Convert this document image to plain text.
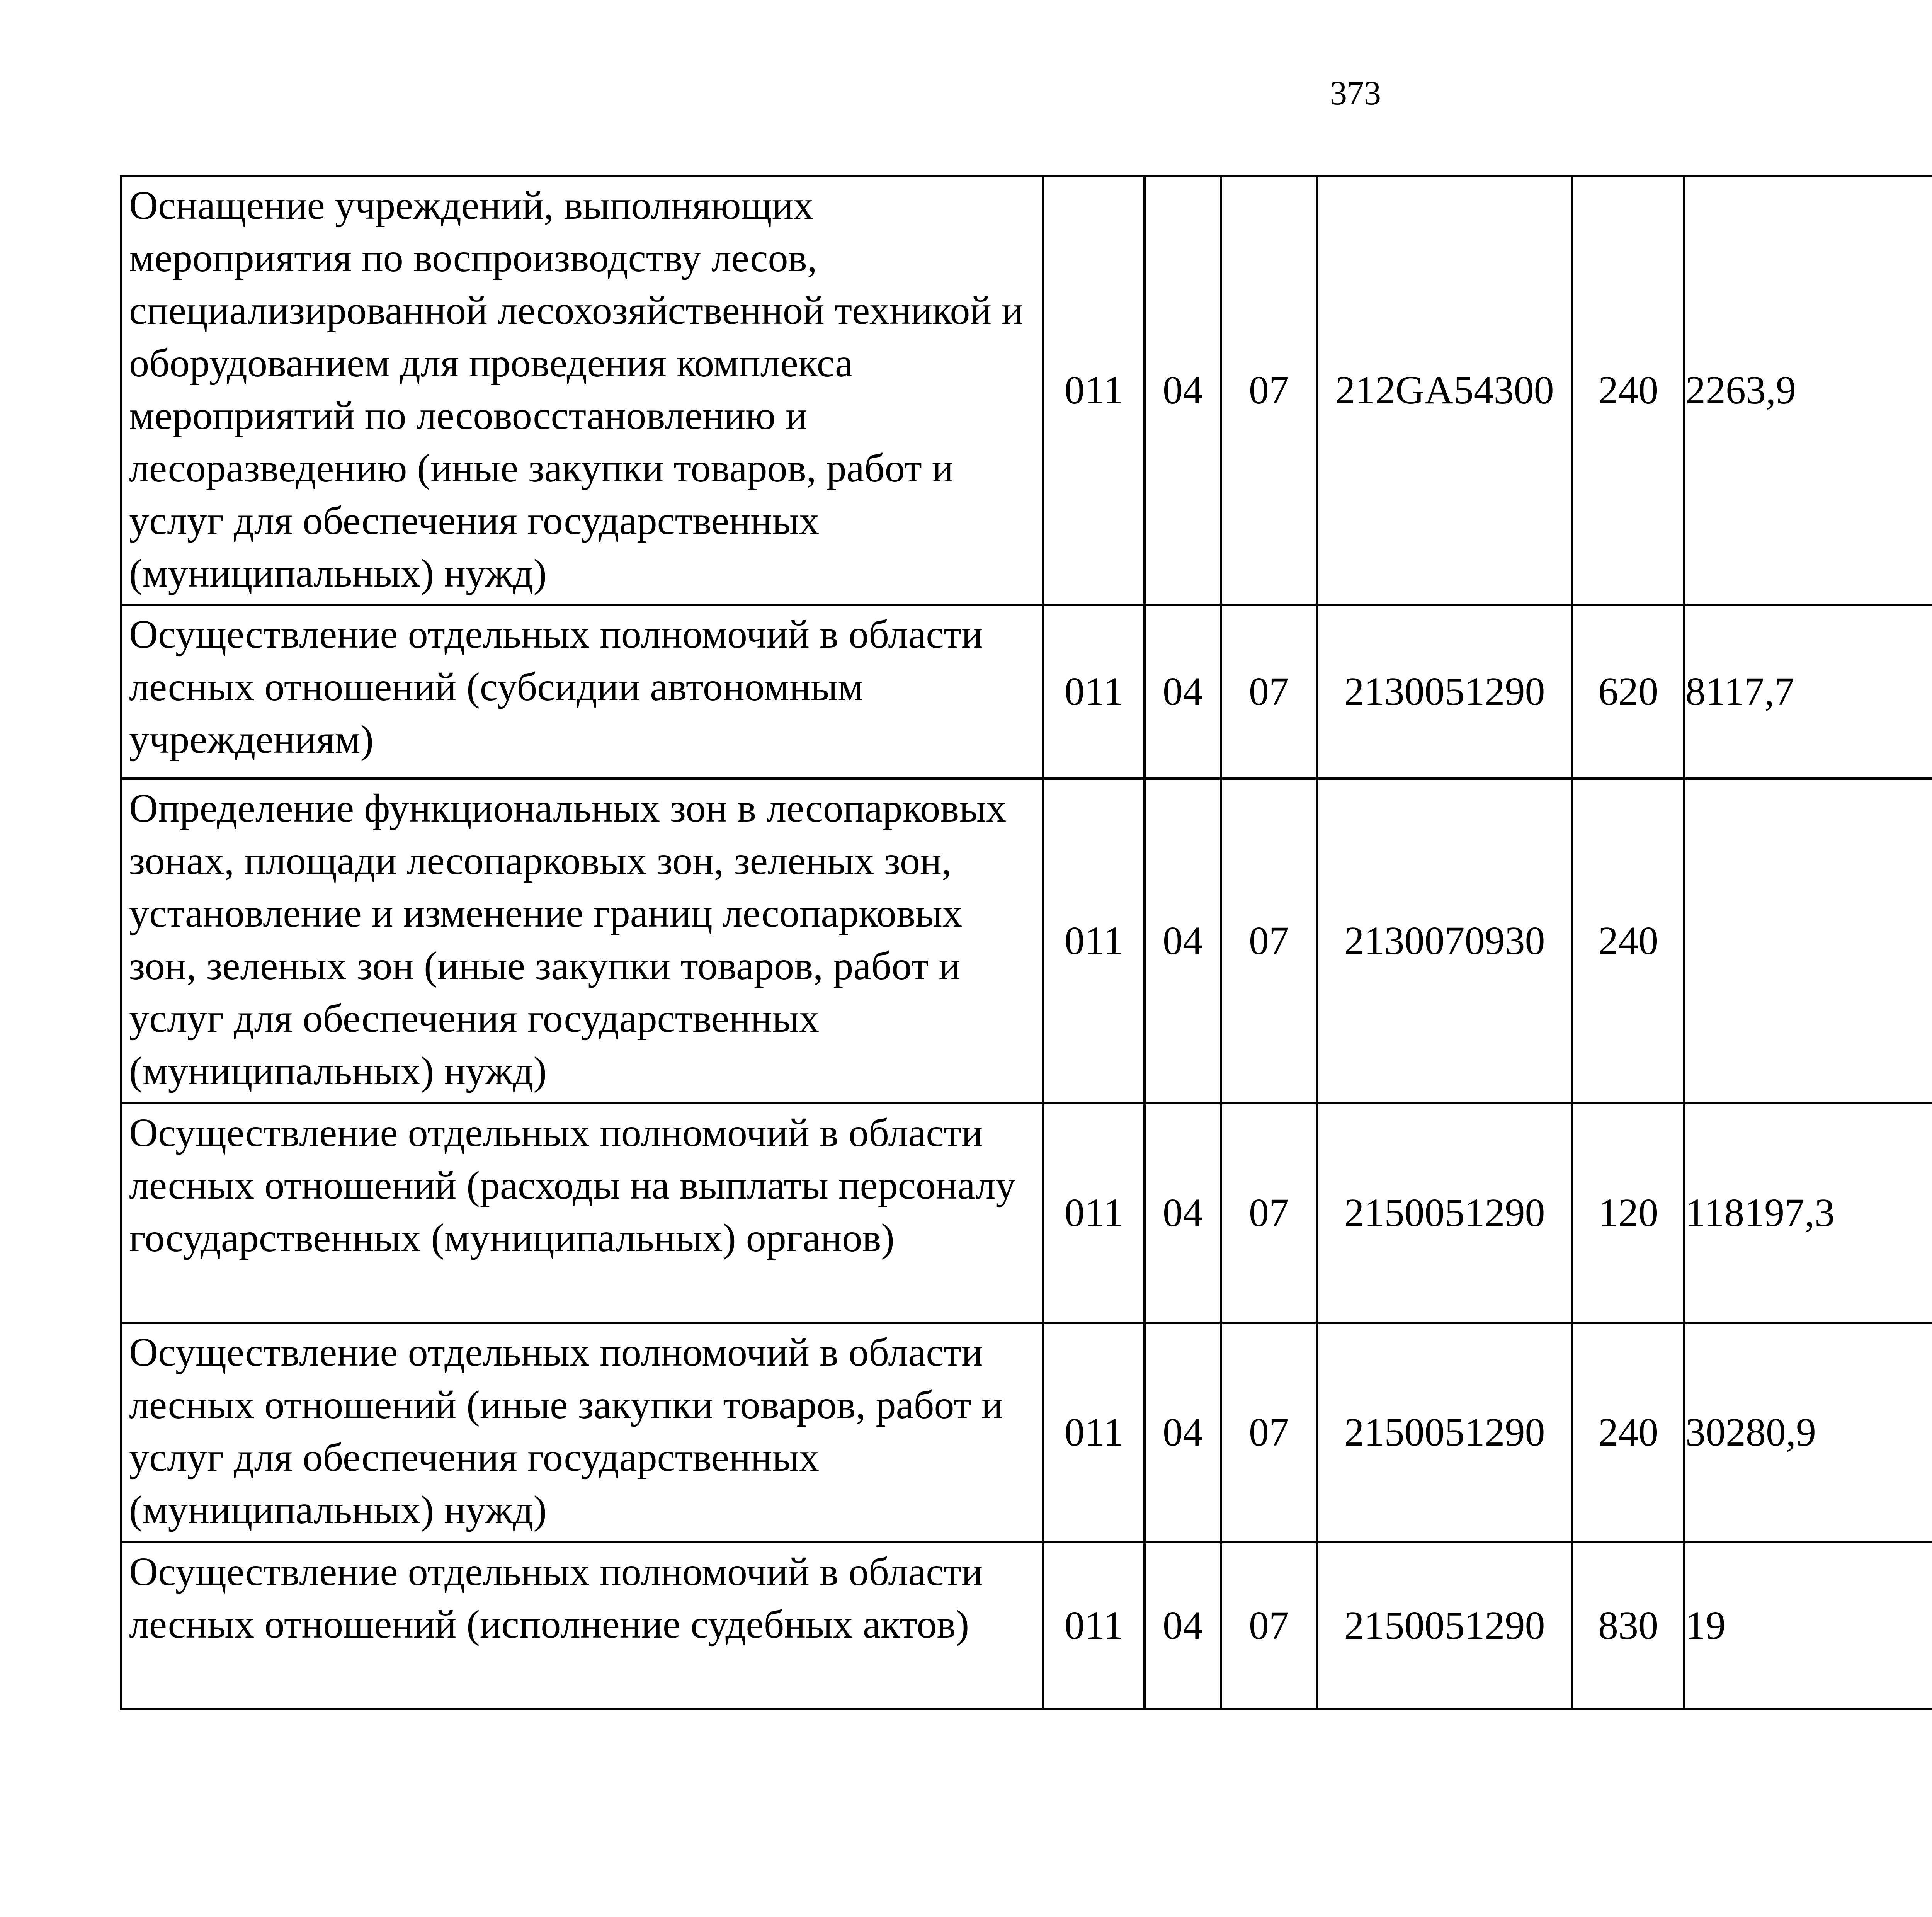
373
Оснащение учреждений, выполняющих мероприятия по воспроизводству лесов, специализированной лесохозяйственной техникой и оборудованием для проведения комплекса мероприятий по лесовосстановлению и лесоразведению (иные закупки товаров, работ и услуг для обеспечения государственных (муниципальных) нужд)	011	04	07	212GA54300	240	2263,9		
Осуществление отдельных полномочий в области лесных отношений (субсидии автономным учреждениям)	011	04	07	2130051290	620	8117,7		
Определение функциональных зон в лесопарковых зонах, площади лесопарковых зон, зеленых зон, установление и изменение границ лесопарковых зон, зеленых зон (иные закупки товаров, работ и услуг для обеспечения государственных (муниципальных) нужд)	011	04	07	2130070930	240			
Осуществление отдельных полномочий в области лесных отношений (расходы на выплаты персоналу государственных (муниципальных) органов)	011	04	07	2150051290	120	118197,3		
Осуществление отдельных полномочий в области лесных отношений (иные закупки товаров, работ и услуг для обеспечения государственных (муниципальных) нужд)	011	04	07	2150051290	240	30280,9		
Осуществление отдельных полномочий в области лесных отношений (исполнение судебных актов)	011	04	07	2150051290	830	19		
